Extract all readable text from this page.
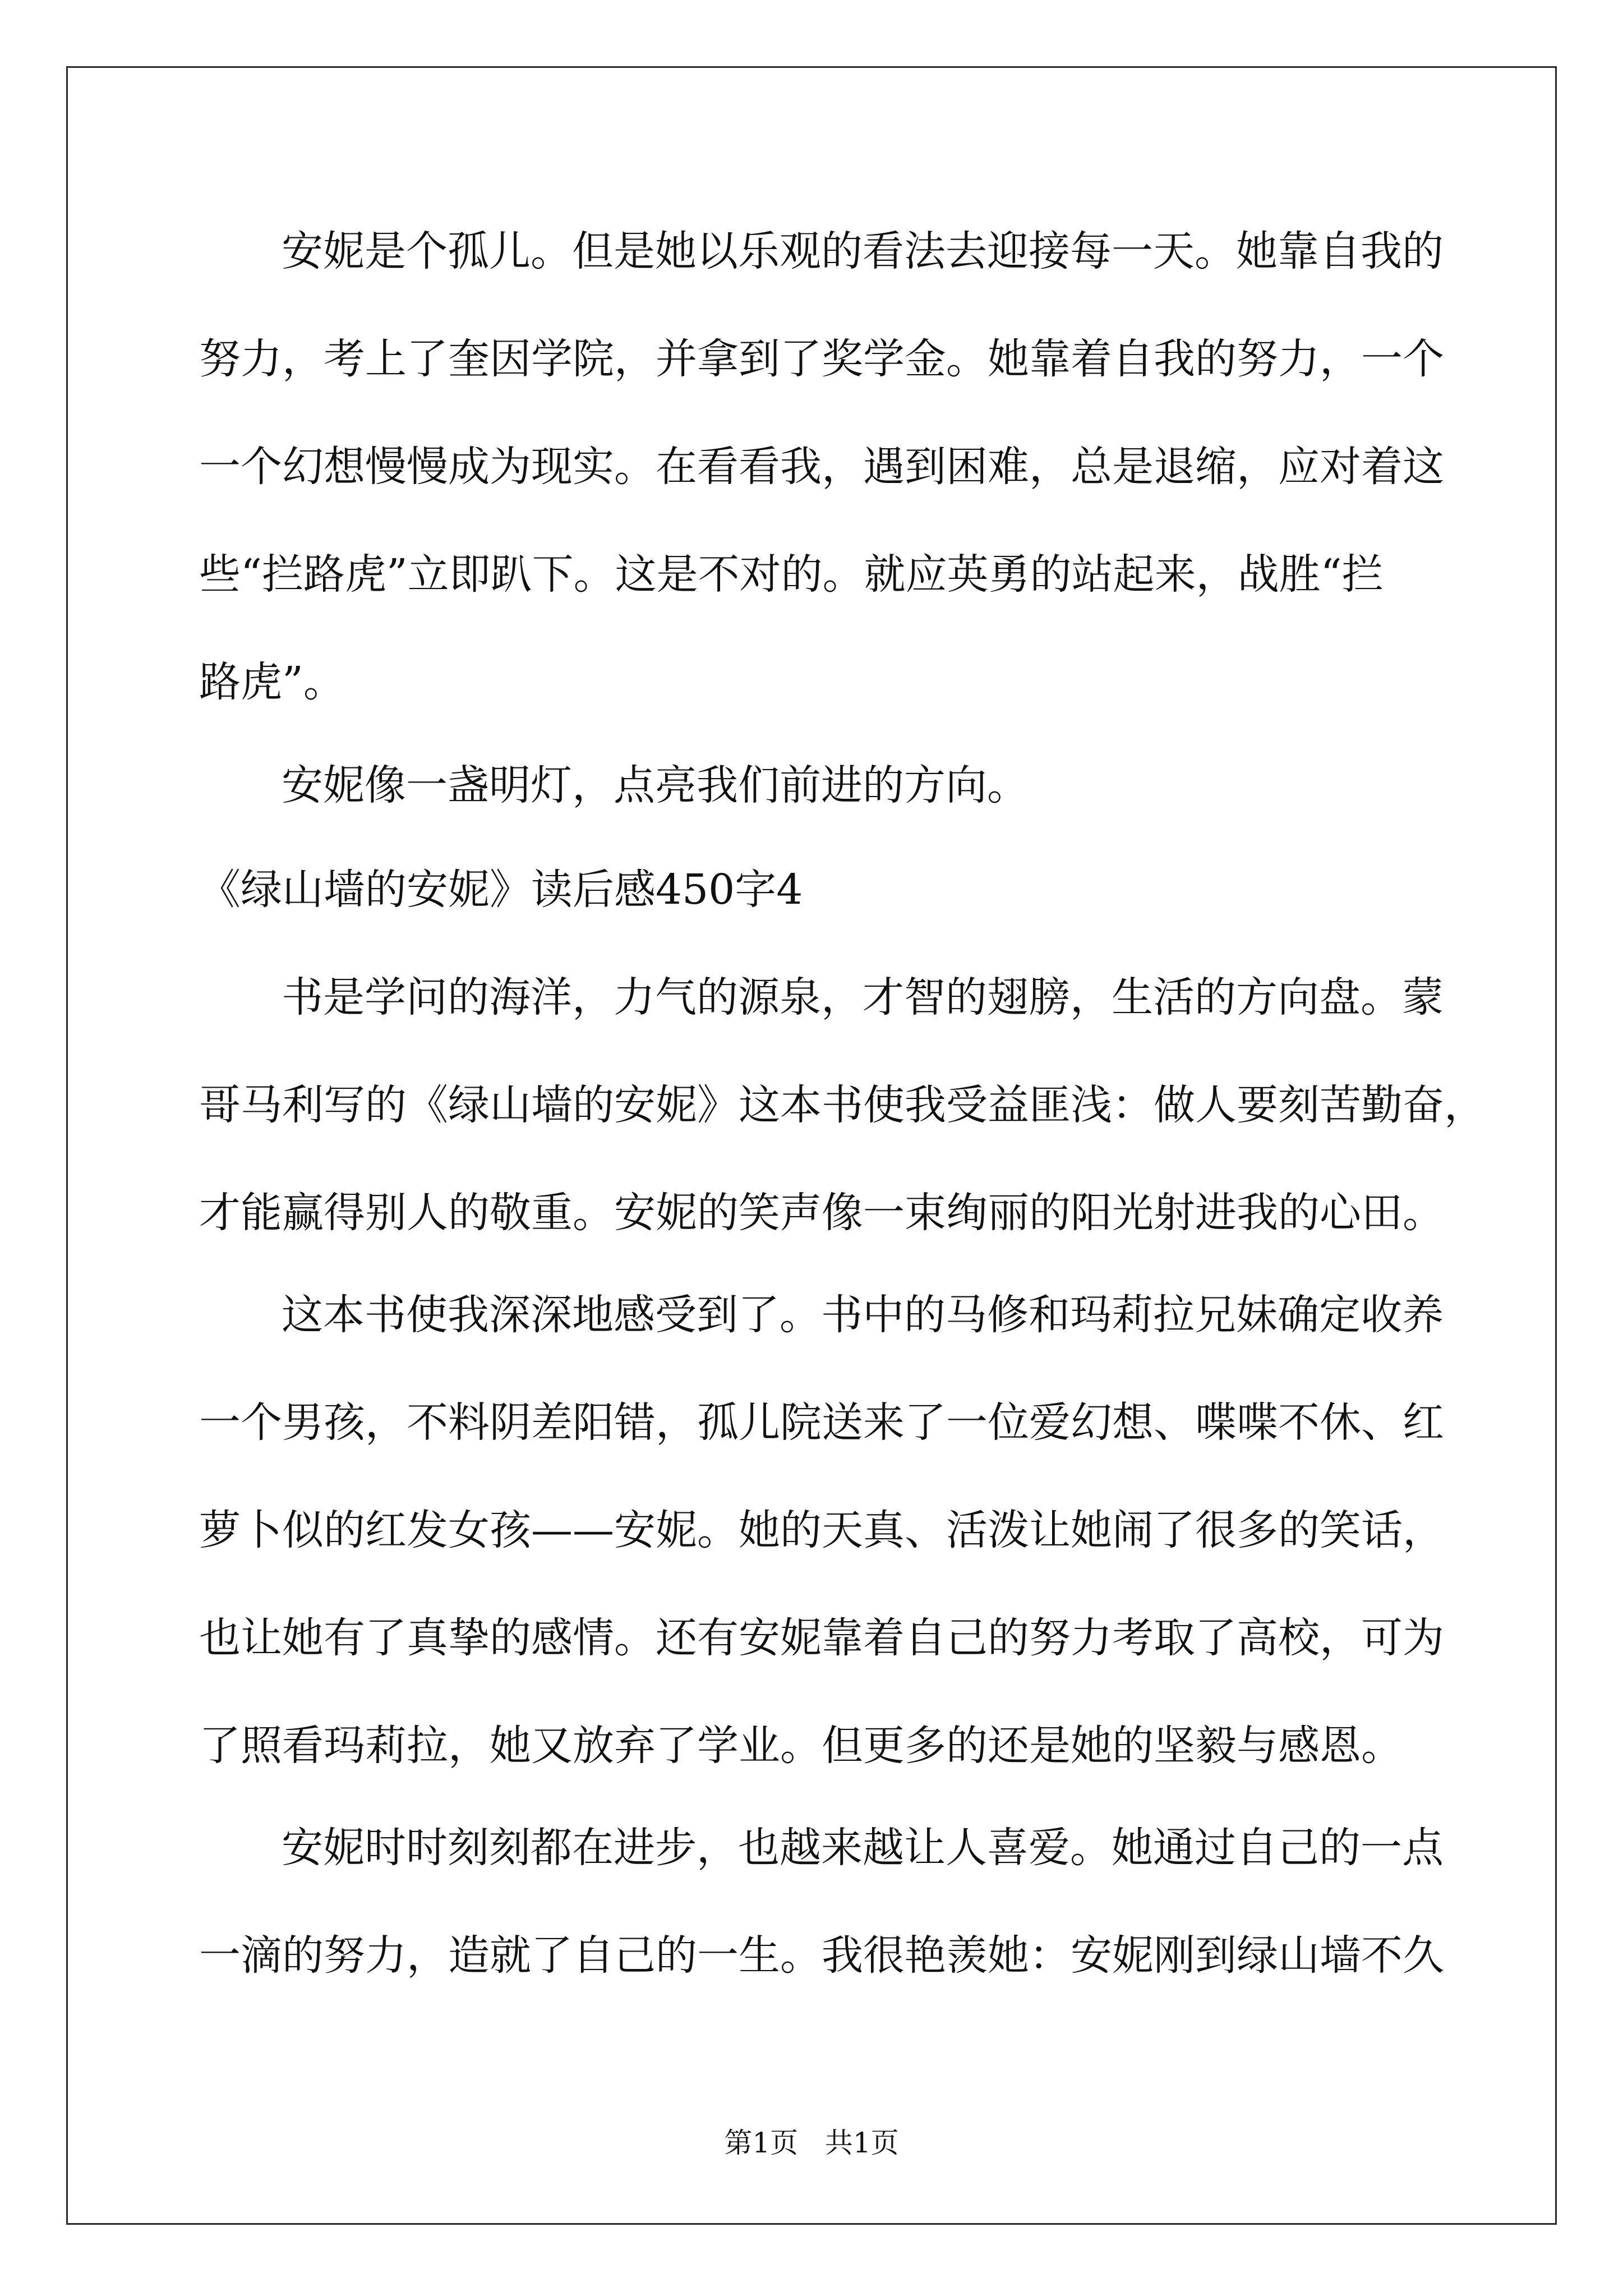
安妮是个孤儿。但是她以乐观的看法去迎接每一天。她靠自我的
努力，考上了奎因学院，并拿到了奖学金。她靠着自我的努力，一个
一个幻想慢慢成为现实。在看看我，遇到困难，总是退缩，应对着这
些“拦路虎”立即趴下。这是不对的。就应英勇的站起来，战胜“拦
路虎”。
安妮像一盏明灯，点亮我们前进的方向。
《绿山墙的安妮》读后感450字4
书是学问的海洋，力气的源泉，才智的翅膀，生活的方向盘。蒙
哥马利写的《绿山墙的安妮》这本书使我受益匪浅：做人要刻苦勤奋，
才能赢得别人的敬重。安妮的笑声像一束绚丽的阳光射进我的心田。
这本书使我深深地感受到了。书中的马修和玛莉拉兄妹确定收养
一个男孩，不料阴差阳错，孤儿院送来了一位爱幻想、喋喋不休、红
萝卜似的红发女孩——安妮。她的天真、活泼让她闹了很多的笑话，
也让她有了真挚的感情。还有安妮靠着自己的努力考取了高校，可为
了照看玛莉拉，她又放弃了学业。但更多的还是她的坚毅与感恩。
安妮时时刻刻都在进步，也越来越让人喜爱。她通过自己的一点
一滴的努力，造就了自己的一生。我很艳羡她：安妮刚到绿山墙不久
第1页   共1页
